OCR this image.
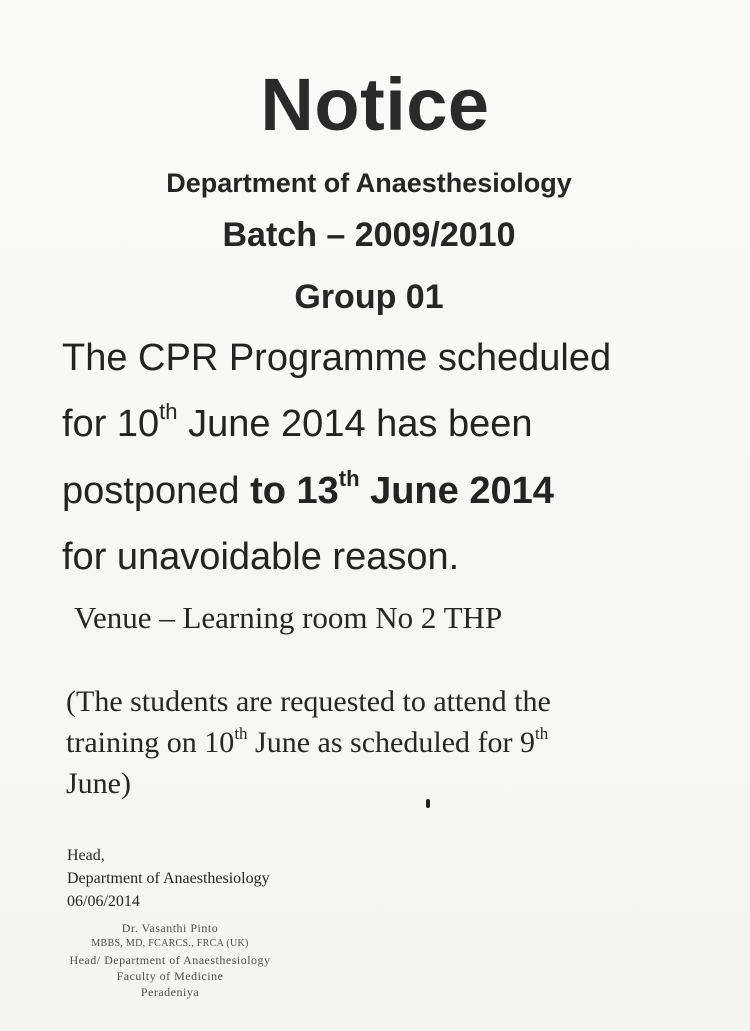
Notice
Department of Anaesthesiology
Batch – 2009/2010
Group 01
The CPR Programme scheduled
for 10th June 2014 has been
postponed to 13th June 2014
for unavoidable reason.
Venue – Learning room No 2 THP
(The students are requested to attend the
training on 10th June as scheduled for 9th
June)
Head,
Department of Anaesthesiology
06/06/2014
Dr. Vasanthi Pinto
MBBS, MD, FCARCS., FRCA (UK)
Head/ Department of Anaesthesiology
Faculty of Medicine
Peradeniya
